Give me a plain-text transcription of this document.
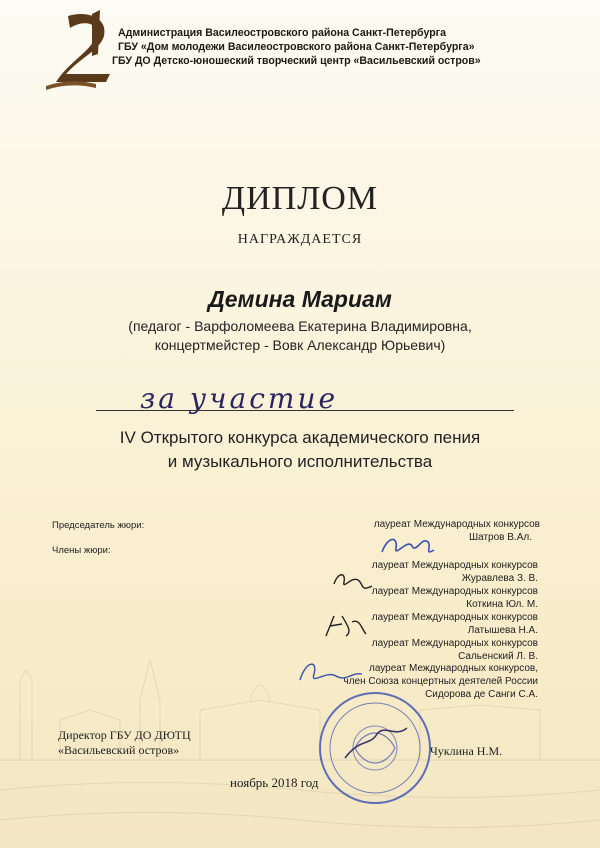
Администрация Василеостровского района Санкт-Петербурга
ГБУ «Дом молодежи Василеостровского района Санкт-Петербурга»
ГБУ ДО Детско-юношеский творческий центр «Васильевский остров»
ДИПЛОМ
НАГРАЖДАЕТСЯ
Демина Мариам
(педагог - Варфоломеева Екатерина Владимировна,
концертмейстер - Вовк Александр Юрьевич)
за участие
IV Открытого конкурса академического пения
и музыкального исполнительства
Председатель жюри:
Члены жюри:
лауреат Международных конкурсов
Шатров В.Ал.
лауреат Международных конкурсов
Журавлева З. В.
лауреат Международных конкурсов
Коткина Юл. М.
лауреат Международных конкурсов
Латышева Н.А.
лауреат Международных конкурсов
Сальенский Л. В.
лауреат Международных конкурсов,
член Союза концертных деятелей России
Сидорова де Санги С.А.
Директор ГБУ ДО ДЮТЦ
«Васильевский остров»	Чуклина Н.М.
ноябрь 2018 год
